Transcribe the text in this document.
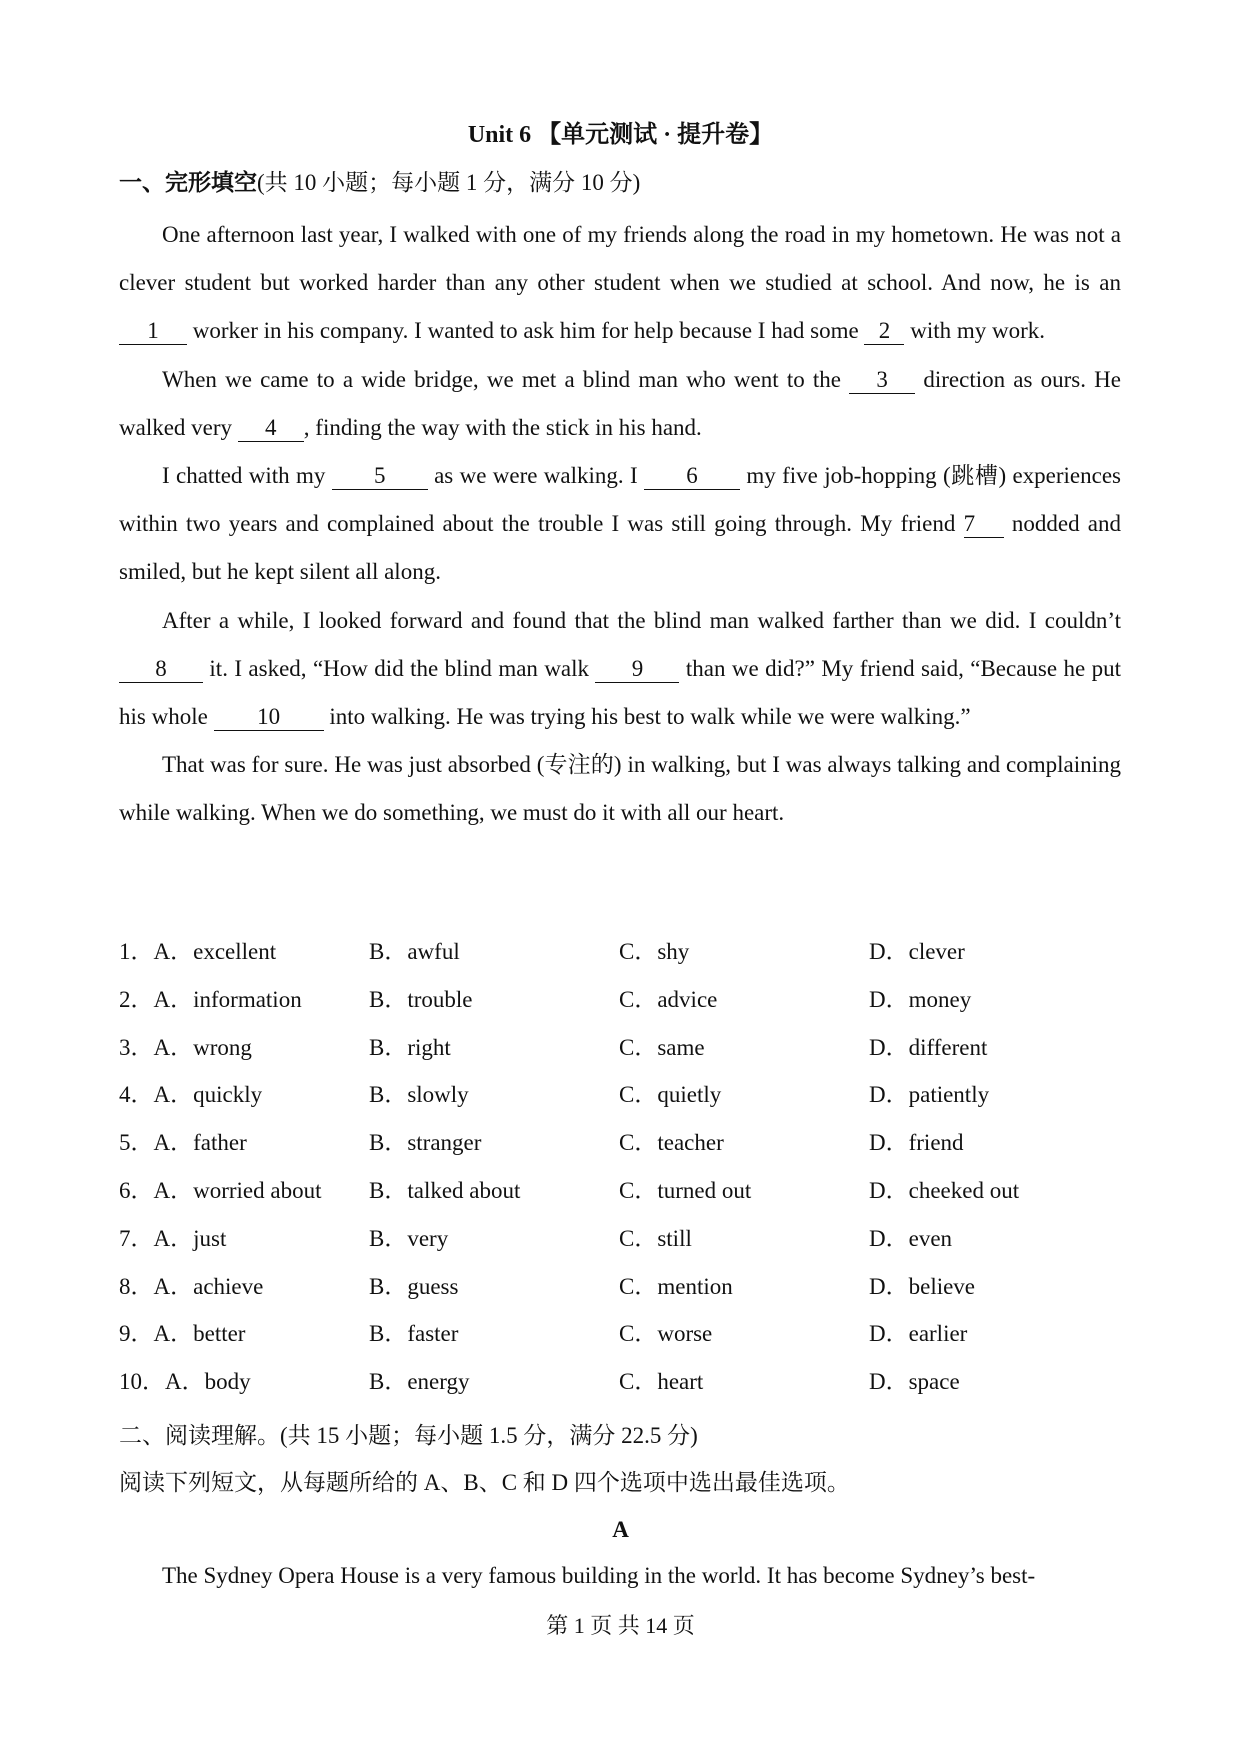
Unit 6 【单元测试 · 提升卷】
一、完形填空(共 10 小题；每小题 1 分，满分 10 分)

One afternoon last year, I walked with one of my friends along the road in my hometown. He was not a clever student but worked harder than any other student when we studied at school. And now, he is an 1 worker in his company. I wanted to ask him for help because I had some 2 with my work.

When we came to a wide bridge, we met a blind man who went to the 3 direction as ours. He walked very 4 , finding the way with the stick in his hand.

I chatted with my 5 as we were walking. I 6 my five job-hopping (跳槽) experiences within two years and complained about the trouble I was still going through. My friend 7 nodded and smiled, but he kept silent all along.

After a while, I looked forward and found that the blind man walked farther than we did. I couldn’t 8 it. I asked, “How did the blind man walk 9 than we did?” My friend said, “Because he put his whole 10 into walking. He was trying his best to walk while we were walking.”

That was for sure. He was just absorbed (专注的) in walking, but I was always talking and complaining while walking. When we do something, we must do it with all our heart.

1．A．excellent	B．awful	C．shy	D．clever
2．A．information	B．trouble	C．advice	D．money
3．A．wrong	B．right	C．same	D．different
4．A．quickly	B．slowly	C．quietly	D．patiently
5．A．father	B．stranger	C．teacher	D．friend
6．A．worried about B．talked about	C．turned out	D．cheeked out
7．A．just	B．very	C．still	D．even
8．A．achieve	B．guess	C．mention	D．believe
9．A．better	B．faster	C．worse	D．earlier
10．A．body	B．energy	C．heart	D．space
二、阅读理解。(共 15 小题；每小题 1.5 分，满分 22.5 分)
阅读下列短文，从每题所给的 A、B、C 和 D 四个选项中选出最佳选项。
A
The Sydney Opera House is a very famous building in the world. It has become Sydney’s best-
第 1 页 共 14 页
